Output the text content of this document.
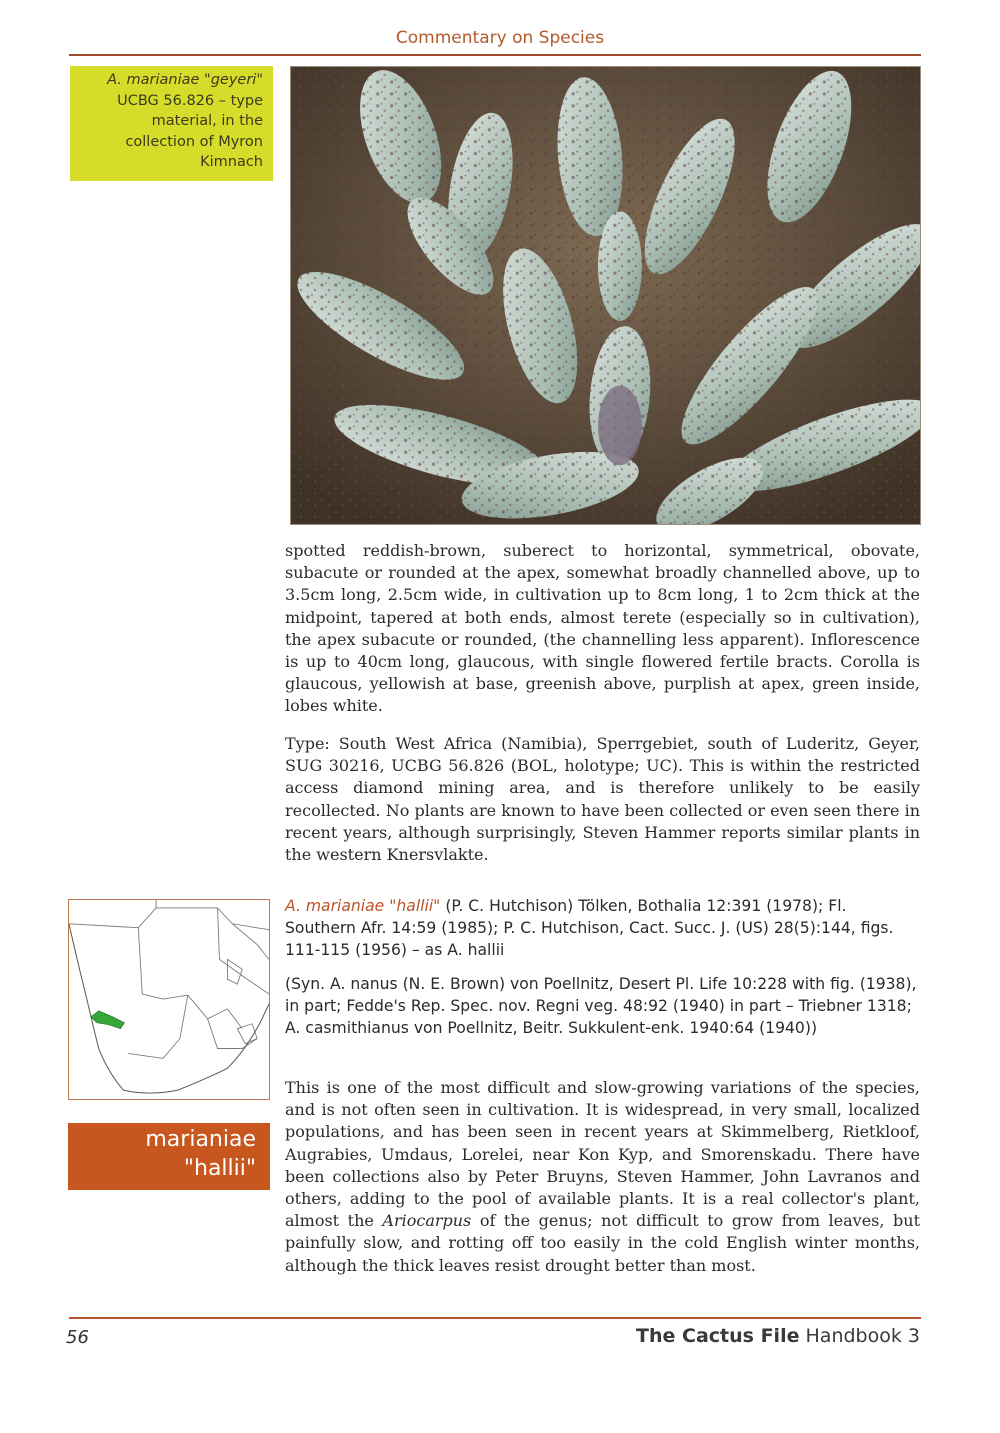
Commentary on Species
A. marianiae "geyeri"
UCBG 56.826 – type
material, in the
collection of Myron
Kimnach

spotted reddish-brown, suberect to horizontal, symmetrical, obovate, subacute or rounded at the apex, somewhat broadly channelled above, up to 3.5cm long, 2.5cm wide, in cultivation up to 8cm long, 1 to 2cm thick at the midpoint, tapered at both ends, almost terete (especially so in cultivation), the apex subacute or rounded, (the channelling less apparent). Inflorescence is up to 40cm long, glaucous, with single flowered fertile bracts. Corolla is glaucous, yellowish at base, greenish above, purplish at apex, green inside, lobes white.

Type: South West Africa (Namibia), Sperrgebiet, south of Luderitz, Geyer, SUG 30216, UCBG 56.826 (BOL, holotype; UC). This is within the restricted access diamond mining area, and is therefore unlikely to be easily recollected. No plants are known to have been collected or even seen there in recent years, although surprisingly, Steven Hammer reports similar plants in the western Knersvlakte.

A. marianiae "hallii" (P. C. Hutchison) Tölken, Bothalia 12:391 (1978); Fl. Southern Afr. 14:59 (1985); P. C. Hutchison, Cact. Succ. J. (US) 28(5):144, figs. 111-115 (1956) – as A. hallii

(Syn. A. nanus (N. E. Brown) von Poellnitz, Desert Pl. Life 10:228 with fig. (1938), in part; Fedde's Rep. Spec. nov. Regni veg. 48:92 (1940) in part – Triebner 1318; A. casmithianus von Poellnitz, Beitr. Sukkulent-enk. 1940:64 (1940))

This is one of the most difficult and slow-growing variations of the species, and is not often seen in cultivation. It is widespread, in very small, localized populations, and has been seen in recent years at Skimmelberg, Rietkloof, Augrabies, Umdaus, Lorelei, near Kon Kyp, and Smorenskadu. There have been collections also by Peter Bruyns, Steven Hammer, John Lavranos and others, adding to the pool of available plants. It is a real collector's plant, almost the Ariocarpus of the genus; not difficult to grow from leaves, but painfully slow, and rotting off too easily in the cold English winter months, although the thick leaves resist drought better than most.

marianiae
"hallii"
56	The Cactus File Handbook 3
